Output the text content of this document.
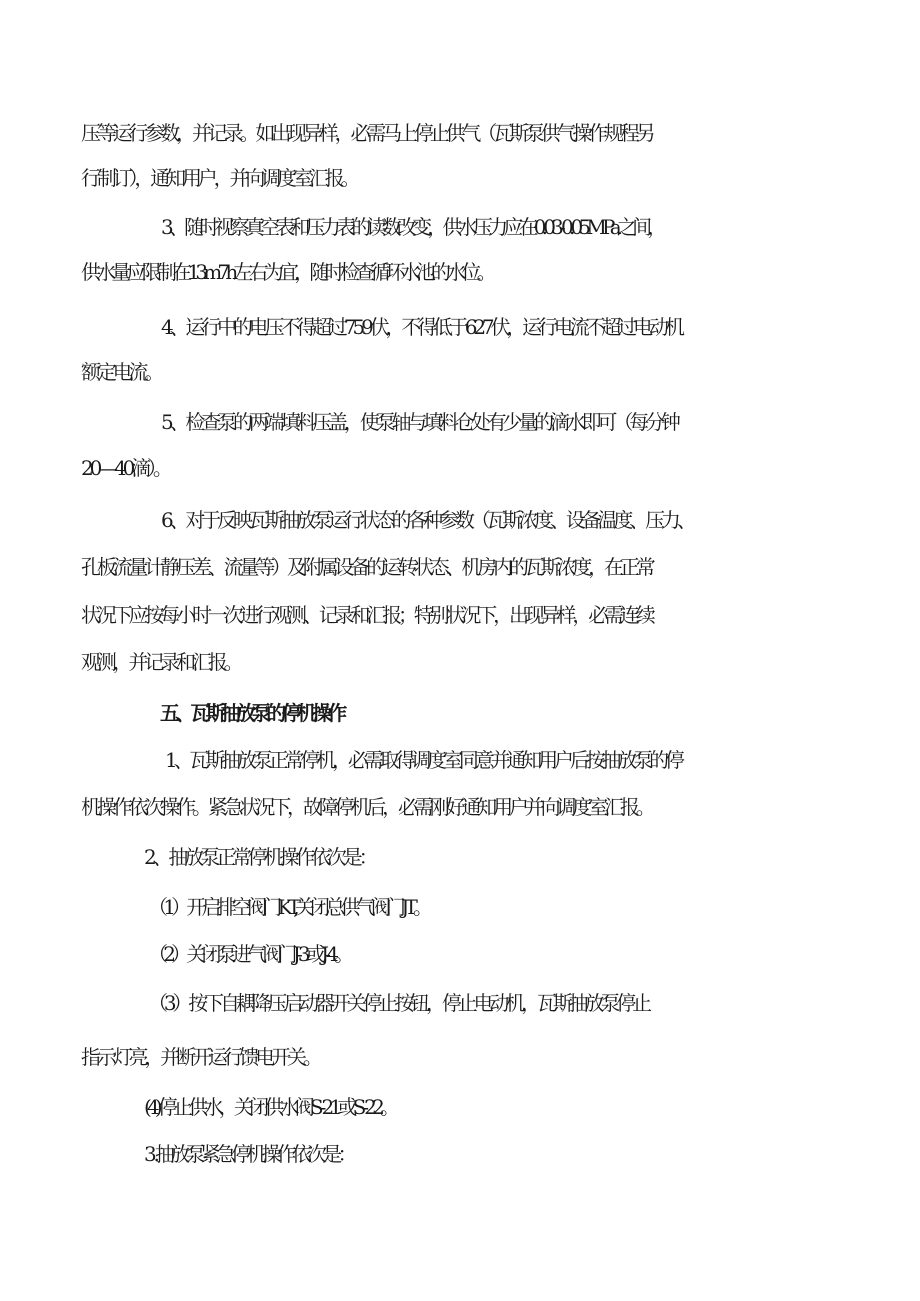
压等运行参数，并记录。如出现异样，必需马上停止供气（瓦斯泵供气操作规程另
行制订），通知用户，并向调度室汇报。
3、随时视察真空表和压力表的读数改变，供水压力应在0.03-0.05MPa之间，
供水量应限制在13m7h左右为宜，随时检查循环水池的水位。
4、运行中的电压不得超过759伏，不得低于627伏，运行电流不超过电动机
额定电流。
5、检查泵的两端填料压盖，使泵轴与填料仓处有少量的滴水即可（每分钟
20—40滴）。
6、对于反映瓦斯抽放泵运行状态的各种参数（瓦斯浓度、设备温度、压力、
孔板流量计静压差、流量等）及附属设备的运转状态、机房内的瓦斯浓度，在正常
状况下应按每小时一次进行观测、记录和汇报；特别状况下，出现异样，必需连续
观测，并记录和汇报。
五、瓦斯抽放泵的停机操作
1、瓦斯抽放泵正常停机，必需取得调度室同意并通知用户后按抽放泵的停
机操作依次操作。紧急状况下，故障停机后，必需刚好通知用户并向调度室汇报。
2、抽放泵正常停机操作依次是：
（1）开启排空阀门KT,关闭总供气阀门JT。
（2）关闭泵进气阀门J-3或J-4。
（3）按下自耦降压启动器开关停止按钮，停止电动机，瓦斯抽放泵停止
指示灯亮，并断开运行馈电开关。
(4)停止供水，关闭供水阀S-21或S-22。
3 .抽放泵紧急停机操作依次是：
